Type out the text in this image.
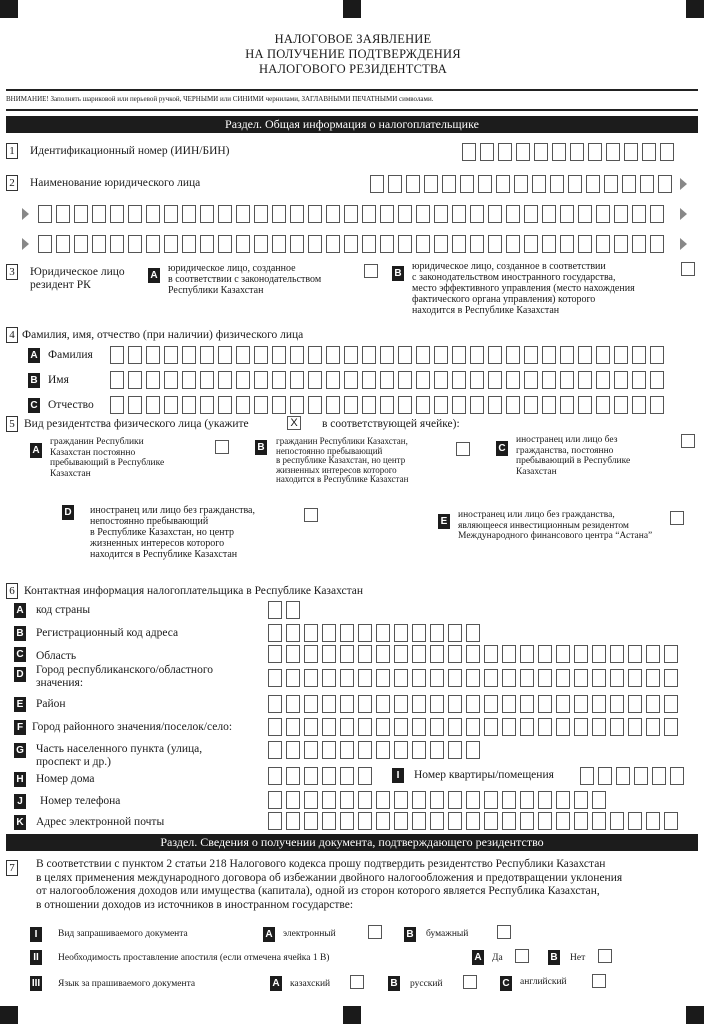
НАЛОГОВОЕ ЗАЯВЛЕНИЕ
НА ПОЛУЧЕНИЕ ПОДТВЕРЖДЕНИЯ
НАЛОГОВОГО РЕЗИДЕНТСТВА
ВНИМАНИЕ! Заполнять шариковой или перьевой ручкой, ЧЕРНЫМИ или СИНИМИ чернилами, ЗАГЛАВНЫМИ ПЕЧАТНЫМИ символами.
Раздел. Общая информация о налогоплательщике
1 Идентификационный номер (ИИН/БИН)
2 Наименование юридического лица
3 Юридическое лицо
резидент РК
A
юридическое лицо, созданное
в соответствии с законодательством
Республики Казахстан
B
юридическое лицо, созданное в соответствии
с законодательством иностранного государства,
место эффективного управления (место нахождения
фактического органа управления) которого
находится в Республике Казахстан
4 Фамилия, имя, отчество (при наличии) физического лица
A Фамилия
B Имя
C Отчество
5 Вид резидентства физического лица (укажите	X в соответствующей ячейке):
A
гражданин Республики
Казахстан постоянно
пребывающий в Республике
Казахстан
B
гражданин Республики Казахстан,
непостоянно пребывающий
в республике Казахстан, но центр
жизненных интересов которого
находится в Республике Казахстан
C
иностранец или лицо без
гражданства, постоянно
пребывающий в Республике
Казахстан
D иностранец или лицо без гражданства,
непостоянно пребывающий
в Республике Казахстан, но центр
жизненных интересов которого
находится в Республике Казахстан
E
иностранец или лицо без гражданства,
являющееся инвестиционным резидентом
Международного финансового центра “Астана”
6 Контактная информация налогоплательщика в Республике Казахстан
A код страны
B Регистрационный код адреса
C Область
D Город республиканского/областного
значения:
E Район
F Город районного значения/поселок/село:
G Часть населенного пункта (улица,
проспект и др.)
H Номер дома	I	Номер квартиры/помещения
J Номер телефона
K Адрес электронной почты
Раздел. Сведения о получении документа, подтверждающего резидентство
7 В соответствии с пунктом 2 статьи 218 Налогового кодекса прошу подтвердить резидентство Республики Казахстан
в целях применения международного договора об избежании двойного налогообложения и предотвращении уклонения
от налогообложения доходов или имущества (капитала), одной из сторон которого является Республика Казахстан,
в отношении доходов из источников в иностранном государстве:
I	Вид запрашиваемого документа	A электронный	B бумажный
II	Необходимость проставление апостиля (если отмечена ячейка 1 B)	A Да	B Нет
III Язык за прашиваемого документа	A казахский	B русский	C английский
